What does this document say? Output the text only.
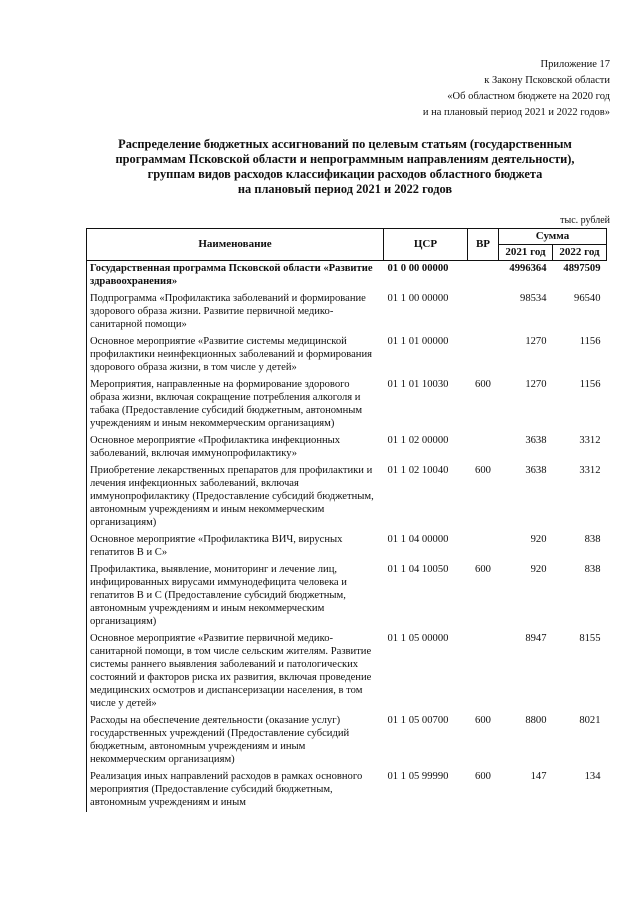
Приложение 17
к Закону Псковской области
«Об областном бюджете на 2020 год
и на плановый период 2021 и 2022 годов»
Распределение бюджетных ассигнований по целевым статьям (государственным
программам Псковской области и непрограммным направлениям деятельности),
группам видов расходов классификации расходов областного бюджета
на плановый период 2021 и 2022 годов
тыс. рублей
Наименование	ЦСР	ВР	Сумма	
			2021 год	2022 год
Государственная программа Псковской области «Развитие здравоохранения»	01 0 00 00000		4996364	4897509
Подпрограмма «Профилактика заболеваний и формирование здорового образа жизни. Развитие первичной медико-санитарной помощи»	01 1 00 00000		98534	96540
Основное мероприятие «Развитие системы медицинской профилактики неинфекционных заболеваний и формирования здорового образа жизни, в том числе у детей»	01 1 01 00000		1270	1156
Мероприятия, направленные на формирование здорового образа жизни, включая сокращение потребления алкоголя и табака (Предоставление субсидий бюджетным, автономным учреждениям и иным некоммерческим организациям)	01 1 01 10030	600	1270	1156
Основное мероприятие «Профилактика инфекционных заболеваний, включая иммунопрофилактику»	01 1 02 00000		3638	3312
Приобретение лекарственных препаратов для профилактики и лечения инфекционных заболеваний, включая иммунопрофилактику (Предоставление субсидий бюджетным, автономным учреждениям и иным некоммерческим организациям)	01 1 02 10040	600	3638	3312
Основное мероприятие «Профилактика ВИЧ, вирусных гепатитов В и С»	01 1 04 00000		920	838
Профилактика, выявление, мониторинг и лечение лиц, инфицированных вирусами иммунодефицита человека и гепатитов В и С (Предоставление субсидий бюджетным, автономным учреждениям и иным некоммерческим организациям)	01 1 04 10050	600	920	838
Основное мероприятие «Развитие первичной медико-санитарной помощи, в том числе сельским жителям. Развитие системы раннего выявления заболеваний и патологических состояний и факторов риска их развития, включая проведение медицинских осмотров и диспансеризации населения, в том числе у детей»	01 1 05 00000		8947	8155
Расходы на обеспечение деятельности (оказание услуг) государственных учреждений (Предоставление субсидий бюджетным, автономным учреждениям и иным некоммерческим организациям)	01 1 05 00700	600	8800	8021
Реализация иных направлений расходов в рамках основного мероприятия (Предоставление субсидий бюджетным, автономным учреждениям и иным	01 1 05 99990	600	147	134
